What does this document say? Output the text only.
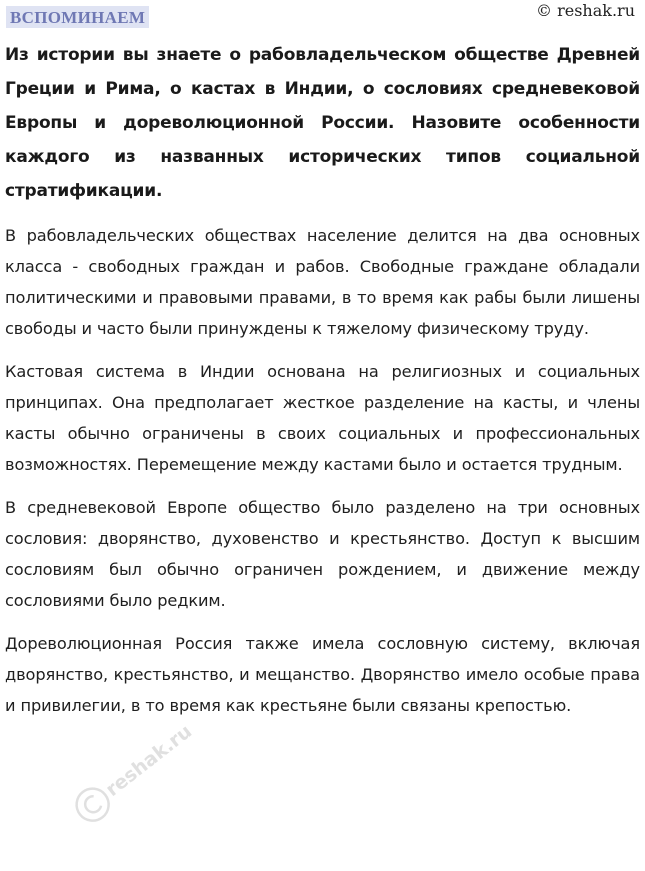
ВСПОМИНАЕМ	© reshak.ru
Из истории вы знаете о рабовладельческом обществе Древней Греции и Рима, о кастах в Индии, о сословиях средневековой Европы и дореволюционной России. Назовите особенности каждого из названных исторических типов социальной стратификации.

В рабовладельческих обществах население делится на два основных класса - свободных граждан и рабов. Свободные граждане обладали политическими и правовыми правами, в то время как рабы были лишены свободы и часто были принуждены к тяжелому физическому труду.

Кастовая система в Индии основана на религиозных и социальных принципах. Она предполагает жесткое разделение на касты, и члены касты обычно ограничены в своих социальных и профессиональных возможностях. Перемещение между кастами было и остается трудным.

В средневековой Европе общество было разделено на три основных сословия: дворянство, духовенство и крестьянство. Доступ к высшим сословиям был обычно ограничен рождением, и движение между сословиями было редким.

Дореволюционная Россия также имела сословную систему, включая дворянство, крестьянство, и мещанство. Дворянство имело особые права и привилегии, в то время как крестьяне были связаны крепостью.

reshak.ru
